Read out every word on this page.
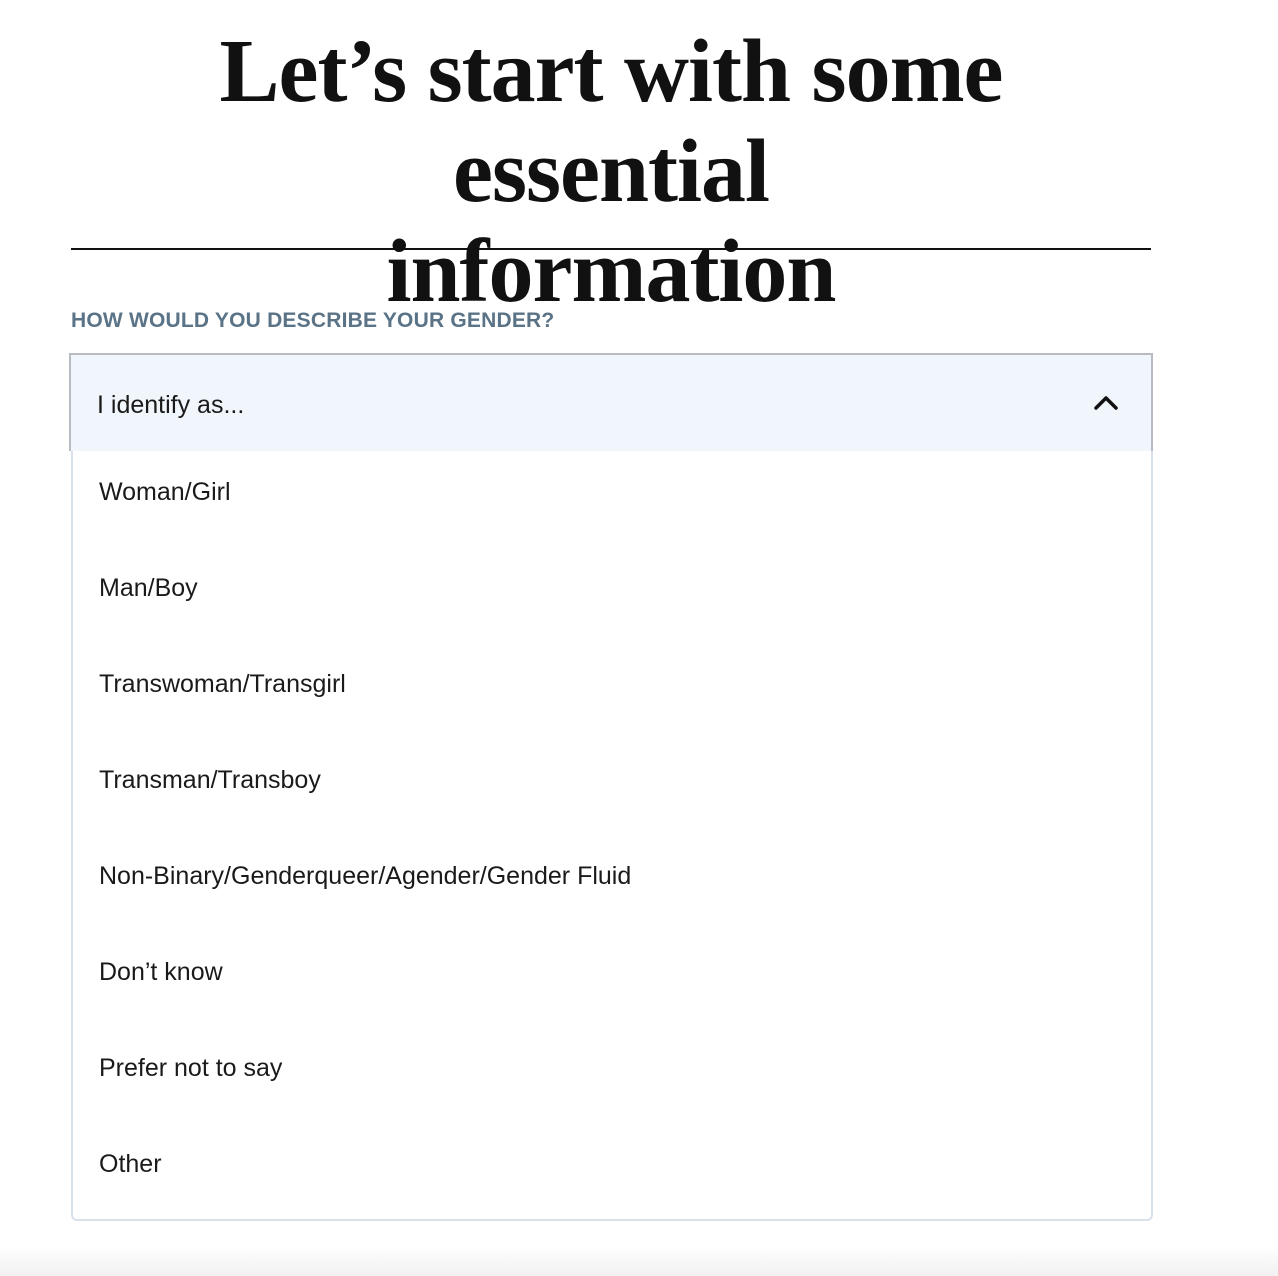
Let’s start with some essential
information
HOW WOULD YOU DESCRIBE YOUR GENDER?
I identify as...
Woman/Girl
Man/Boy
Transwoman/Transgirl
Transman/Transboy
Non-Binary/Genderqueer/Agender/Gender Fluid
Don’t know
Prefer not to say
Other
